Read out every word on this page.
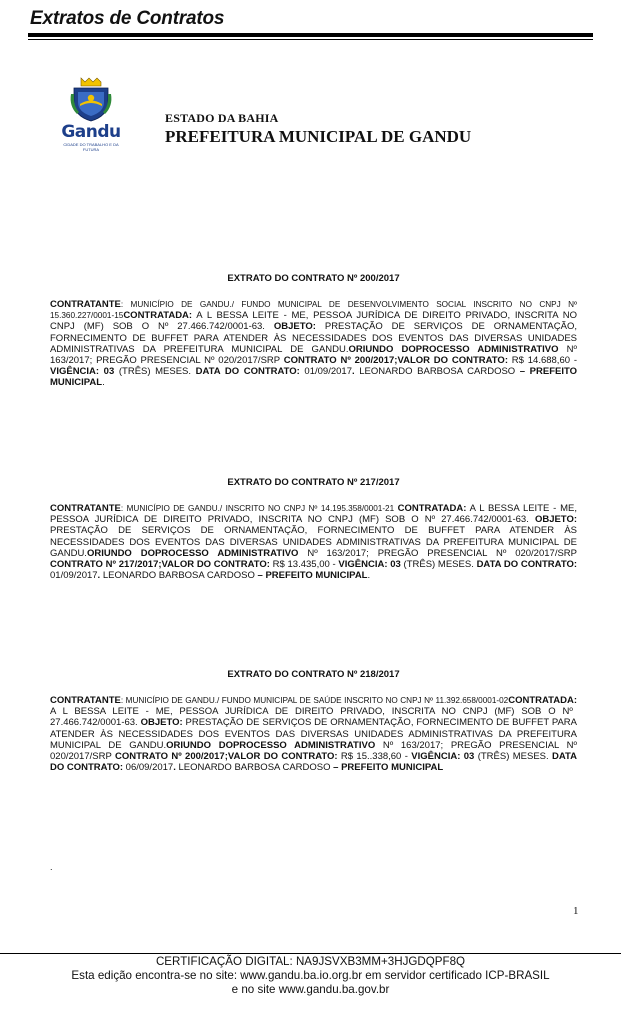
Extratos de Contratos
Gandu
CIDADE DO TRABALHO E DA FUTURA
ESTADO DA BAHIA
PREFEITURA MUNICIPAL DE GANDU
EXTRATO DO CONTRATO Nº 200/2017
CONTRATANTE: MUNICÍPIO DE GANDU./ FUNDO MUNICIPAL DE DESENVOLVIMENTO SOCIAL INSCRITO NO CNPJ Nº 15.360.227/0001-15CONTRATADA: A L BESSA LEITE - ME, PESSOA JURÍDICA DE DIREITO PRIVADO, INSCRITA NO CNPJ (MF) SOB O Nº 27.466.742/0001-63. OBJETO: PRESTAÇÃO DE SERVIÇOS DE ORNAMENTAÇÃO, FORNECIMENTO DE BUFFET PARA ATENDER ÀS NECESSIDADES DOS EVENTOS DAS DIVERSAS UNIDADES ADMINISTRATIVAS DA PREFEITURA MUNICIPAL DE GANDU.ORIUNDO DOPROCESSO ADMINISTRATIVO Nº 163/2017; PREGÃO PRESENCIAL Nº 020/2017/SRP CONTRATO Nº 200/2017;VALOR DO CONTRATO: R$ 14.688,60 - VIGÊNCIA: 03 (TRÊS) MESES. DATA DO CONTRATO: 01/09/2017. LEONARDO BARBOSA CARDOSO – PREFEITO MUNICIPAL.
EXTRATO DO CONTRATO Nº 217/2017
CONTRATANTE: MUNICÍPIO DE GANDU./ INSCRITO NO CNPJ Nº 14.195.358/0001-21 CONTRATADA: A L BESSA LEITE - ME, PESSOA JURÍDICA DE DIREITO PRIVADO, INSCRITA NO CNPJ (MF) SOB O Nº 27.466.742/0001-63. OBJETO: PRESTAÇÃO DE SERVIÇOS DE ORNAMENTAÇÃO, FORNECIMENTO DE BUFFET PARA ATENDER ÀS NECESSIDADES DOS EVENTOS DAS DIVERSAS UNIDADES ADMINISTRATIVAS DA PREFEITURA MUNICIPAL DE GANDU.ORIUNDO DOPROCESSO ADMINISTRATIVO Nº 163/2017; PREGÃO PRESENCIAL Nº 020/2017/SRP CONTRATO Nº 217/2017;VALOR DO CONTRATO: R$ 13.435,00 - VIGÊNCIA: 03 (TRÊS) MESES. DATA DO CONTRATO: 01/09/2017. LEONARDO BARBOSA CARDOSO – PREFEITO MUNICIPAL.
EXTRATO DO CONTRATO Nº 218/2017
CONTRATANTE: MUNICÍPIO DE GANDU./ FUNDO MUNICIPAL DE SAÚDE INSCRITO NO CNPJ Nº 11.392.658/0001-02CONTRATADA: A L BESSA LEITE - ME, PESSOA JURÍDICA DE DIREITO PRIVADO, INSCRITA NO CNPJ (MF) SOB O Nº 27.466.742/0001-63. OBJETO: PRESTAÇÃO DE SERVIÇOS DE ORNAMENTAÇÃO, FORNECIMENTO DE BUFFET PARA ATENDER ÀS NECESSIDADES DOS EVENTOS DAS DIVERSAS UNIDADES ADMINISTRATIVAS DA PREFEITURA MUNICIPAL DE GANDU.ORIUNDO DOPROCESSO ADMINISTRATIVO Nº 163/2017; PREGÃO PRESENCIAL Nº 020/2017/SRP CONTRATO Nº 200/2017;VALOR DO CONTRATO: R$ 15..338,60 - VIGÊNCIA: 03 (TRÊS) MESES. DATA DO CONTRATO: 06/09/2017. LEONARDO BARBOSA CARDOSO – PREFEITO MUNICIPAL
.
1
CERTIFICAÇÃO DIGITAL: NA9JSVXB3MM+3HJGDQPF8Q
Esta edição encontra-se no site: www.gandu.ba.io.org.br em servidor certificado ICP-BRASIL
e no site www.gandu.ba.gov.br
